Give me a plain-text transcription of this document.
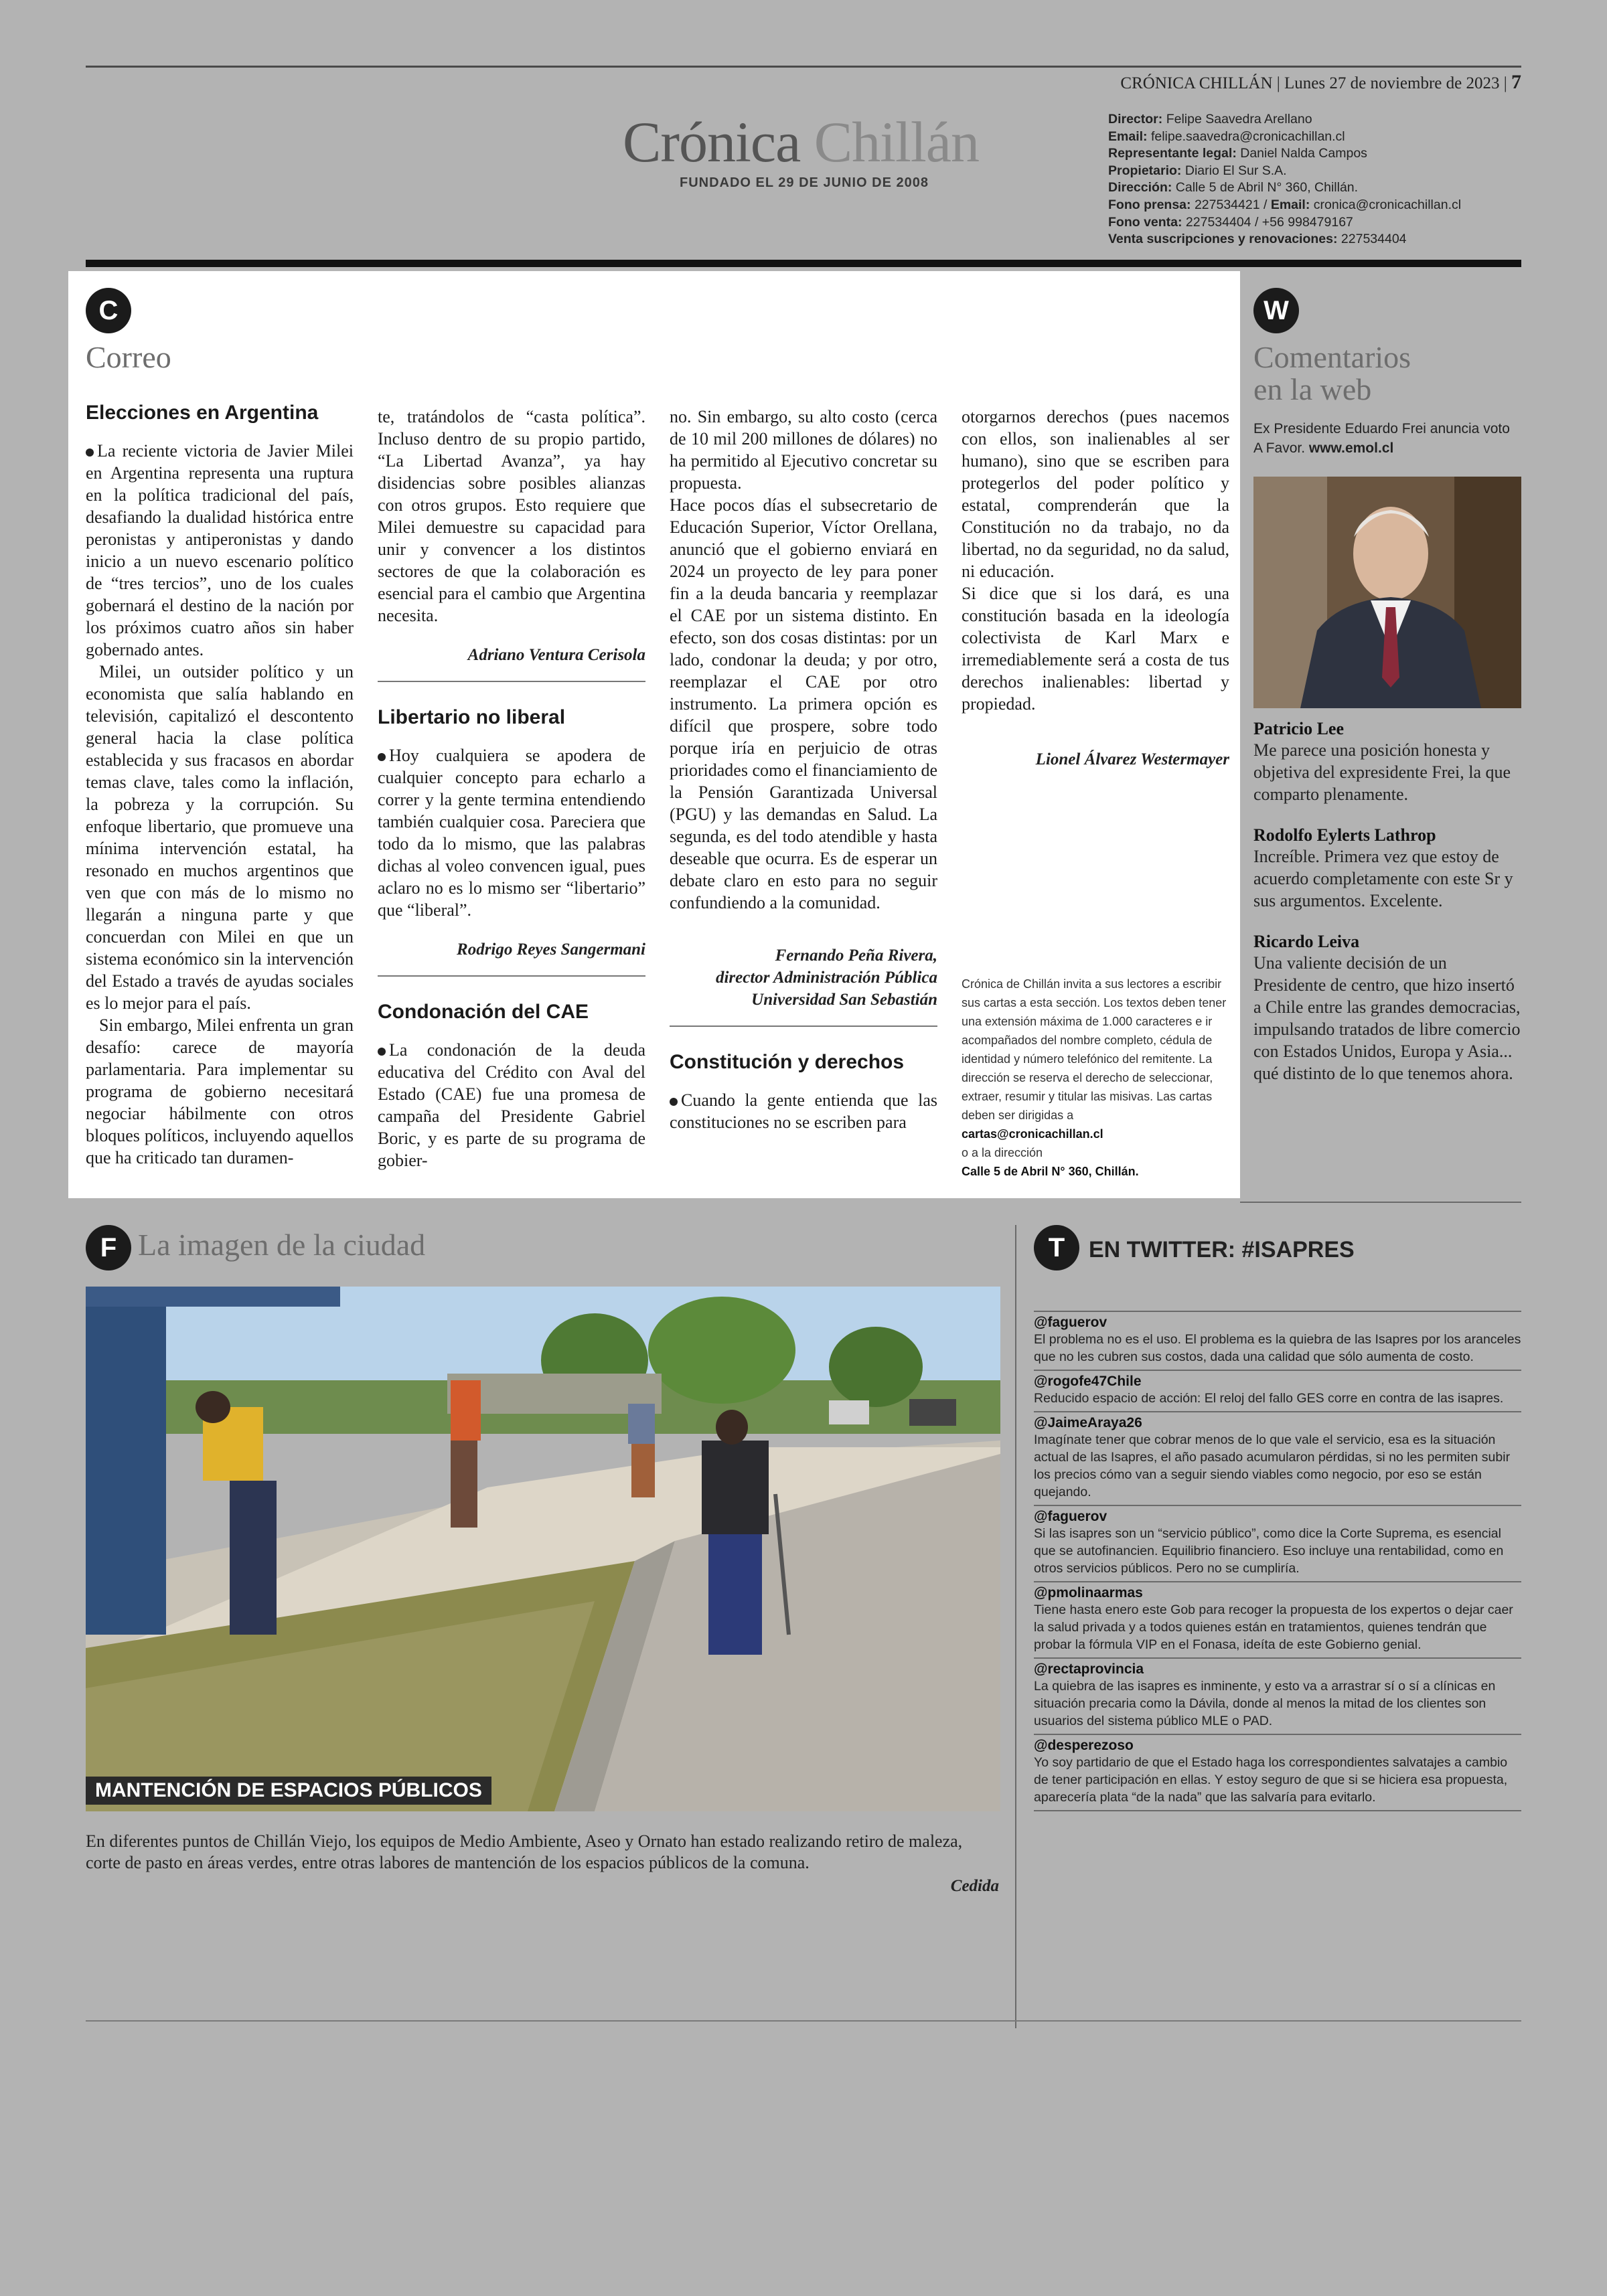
CRÓNICA CHILLÁN | Lunes 27 de noviembre de 2023 | 7
Crónica Chillán
FUNDADO EL 29 DE JUNIO DE 2008
Director: Felipe Saavedra Arellano
Email: felipe.saavedra@cronicachillan.cl
Representante legal: Daniel Nalda Campos
Propietario: Diario El Sur S.A.
Dirección: Calle 5 de Abril N° 360, Chillán.
Fono prensa: 227534421 / Email: cronica@cronicachillan.cl
Fono venta: 227534404 / +56 998479167
Venta suscripciones y renovaciones: 227534404
C
Correo
Elecciones en Argentina

La reciente victoria de Javier Milei en Argentina representa una ruptura en la política tradicional del país, desafiando la dualidad histórica entre peronistas y antiperonistas y dando inicio a un nuevo escenario político de “tres tercios”, uno de los cuales gobernará el destino de la nación por los próximos cuatro años sin haber gobernado antes.

Milei, un outsider político y un economista que salía hablando en televisión, capitalizó el descontento general hacia la clase política establecida y sus fracasos en abordar temas clave, tales como la inflación, la pobreza y la corrupción. Su enfoque libertario, que promueve una mínima intervención estatal, ha resonado en muchos argentinos que ven que con más de lo mismo no llegarán a ninguna parte y que concuerdan con Milei en que un sistema económico sin la intervención del Estado a través de ayudas sociales es lo mejor para el país.

Sin embargo, Milei enfrenta un gran desafío: carece de mayoría parlamentaria. Para implementar su programa de gobierno necesitará negociar hábilmente con otros bloques políticos, incluyendo aquellos que ha criticado tan duramen-

te, tratándolos de “casta política”. Incluso dentro de su propio partido, “La Libertad Avanza”, ya hay disidencias sobre posibles alianzas con otros grupos. Esto requiere que Milei demuestre su capacidad para unir y convencer a los distintos sectores de que la colaboración es esencial para el cambio que Argentina necesita.

Adriano Ventura Cerisola
Libertario no liberal

Hoy cualquiera se apodera de cualquier concepto para echarlo a correr y la gente termina entendiendo también cualquier cosa. Pareciera que todo da lo mismo, que las palabras dichas al voleo convencen igual, pues aclaro no es lo mismo ser “libertario” que “liberal”.

Rodrigo Reyes Sangermani
Condonación del CAE

La condonación de la deuda educativa del Crédito con Aval del Estado (CAE) fue una promesa de campaña del Presidente Gabriel Boric, y es parte de su programa de gobier-

no. Sin embargo, su alto costo (cerca de 10 mil 200 millones de dólares) no ha permitido al Ejecutivo concretar su propuesta.

Hace pocos días el subsecretario de Educación Superior, Víctor Orellana, anunció que el gobierno enviará en 2024 un proyecto de ley para poner fin a la deuda bancaria y reemplazar el CAE por un sistema distinto. En efecto, son dos cosas distintas: por un lado, condonar la deuda; y por otro, reemplazar el CAE por otro instrumento. La primera opción es difícil que prospere, sobre todo porque iría en perjuicio de otras prioridades como el financiamiento de la Pensión Garantizada Universal (PGU) y las demandas en Salud. La segunda, es del todo atendible y hasta deseable que ocurra. Es de esperar un debate claro en esto para no seguir confundiendo a la comunidad.

Fernando Peña Rivera,
director Administración Pública
Universidad San Sebastián
Constitución y derechos

Cuando la gente entienda que las constituciones no se escriben para

otorgarnos derechos (pues nacemos con ellos, son inalienables al ser humano), sino que se escriben para protegerlos del poder político y estatal, comprenderán que la Constitución no da trabajo, no da libertad, no da seguridad, no da salud, ni educación.

Si dice que si los dará, es una constitución basada en la ideología colectivista de Karl Marx e irremediablemente será a costa de tus derechos inalienables: libertad y propiedad.

Lionel Álvarez Westermayer
Crónica de Chillán invita a sus lectores a escribir sus cartas a esta sección. Los textos deben tener una extensión máxima de 1.000 caracteres e ir acompañados del nombre completo, cédula de identidad y número telefónico del remitente. La dirección se reserva el derecho de seleccionar, extraer, resumir y titular las misivas. Las cartas deben ser dirigidas a
cartas@cronicachillan.cl
o a la dirección
Calle 5 de Abril N° 360, Chillán.
W
Comentarios
en la web
Ex Presidente Eduardo Frei anuncia voto A Favor. www.emol.cl
Patricio Lee
Me parece una posición honesta y objetiva del expresidente Frei, la que comparto plenamente.
Rodolfo Eylerts Lathrop
Increíble. Primera vez que estoy de acuerdo completamente con este Sr y sus argumentos. Excelente.
Ricardo Leiva
Una valiente decisión de un Presidente de centro, que hizo insertó a Chile entre las grandes democracias, impulsando tratados de libre comercio con Estados Unidos, Europa y Asia... qué distinto de lo que tenemos ahora.
F La imagen de la ciudad
MANTENCIÓN DE ESPACIOS PÚBLICOS
En diferentes puntos de Chillán Viejo, los equipos de Medio Ambiente, Aseo y Ornato han estado realizando retiro de maleza, corte de pasto en áreas verdes, entre otras labores de mantención de los espacios públicos de la comuna.
Cedida
T	EN TWITTER: #ISAPRES
@faguerov
El problema no es el uso. El problema es la quiebra de las Isapres por los aranceles que no les cubren sus costos, dada una calidad que sólo aumenta de costo.
@rogofe47Chile
Reducido espacio de acción: El reloj del fallo GES corre en contra de las isapres.
@JaimeAraya26
Imagínate tener que cobrar menos de lo que vale el servicio, esa es la situación actual de las Isapres, el año pasado acumularon pérdidas, si no les permiten subir los precios cómo van a seguir siendo viables como negocio, por eso se están quejando.
@faguerov
Si las isapres son un “servicio público”, como dice la Corte Suprema, es esencial que se autofinancien. Equilibrio financiero. Eso incluye una rentabilidad, como en otros servicios públicos. Pero no se cumpliría.
@pmolinaarmas
Tiene hasta enero este Gob para recoger la propuesta de los expertos o dejar caer la salud privada y a todos quienes están en tratamientos, quienes tendrán que probar la fórmula VIP en el Fonasa, ideíta de este Gobierno genial.
@rectaprovincia
La quiebra de las isapres es inminente, y esto va a arrastrar sí o sí a clínicas en situación precaria como la Dávila, donde al menos la mitad de los clientes son usuarios del sistema público MLE o PAD.
@desperezoso
Yo soy partidario de que el Estado haga los correspondientes salvatajes a cambio de tener participación en ellas. Y estoy seguro de que si se hiciera esa propuesta, aparecería plata “de la nada” que las salvaría para evitarlo.
